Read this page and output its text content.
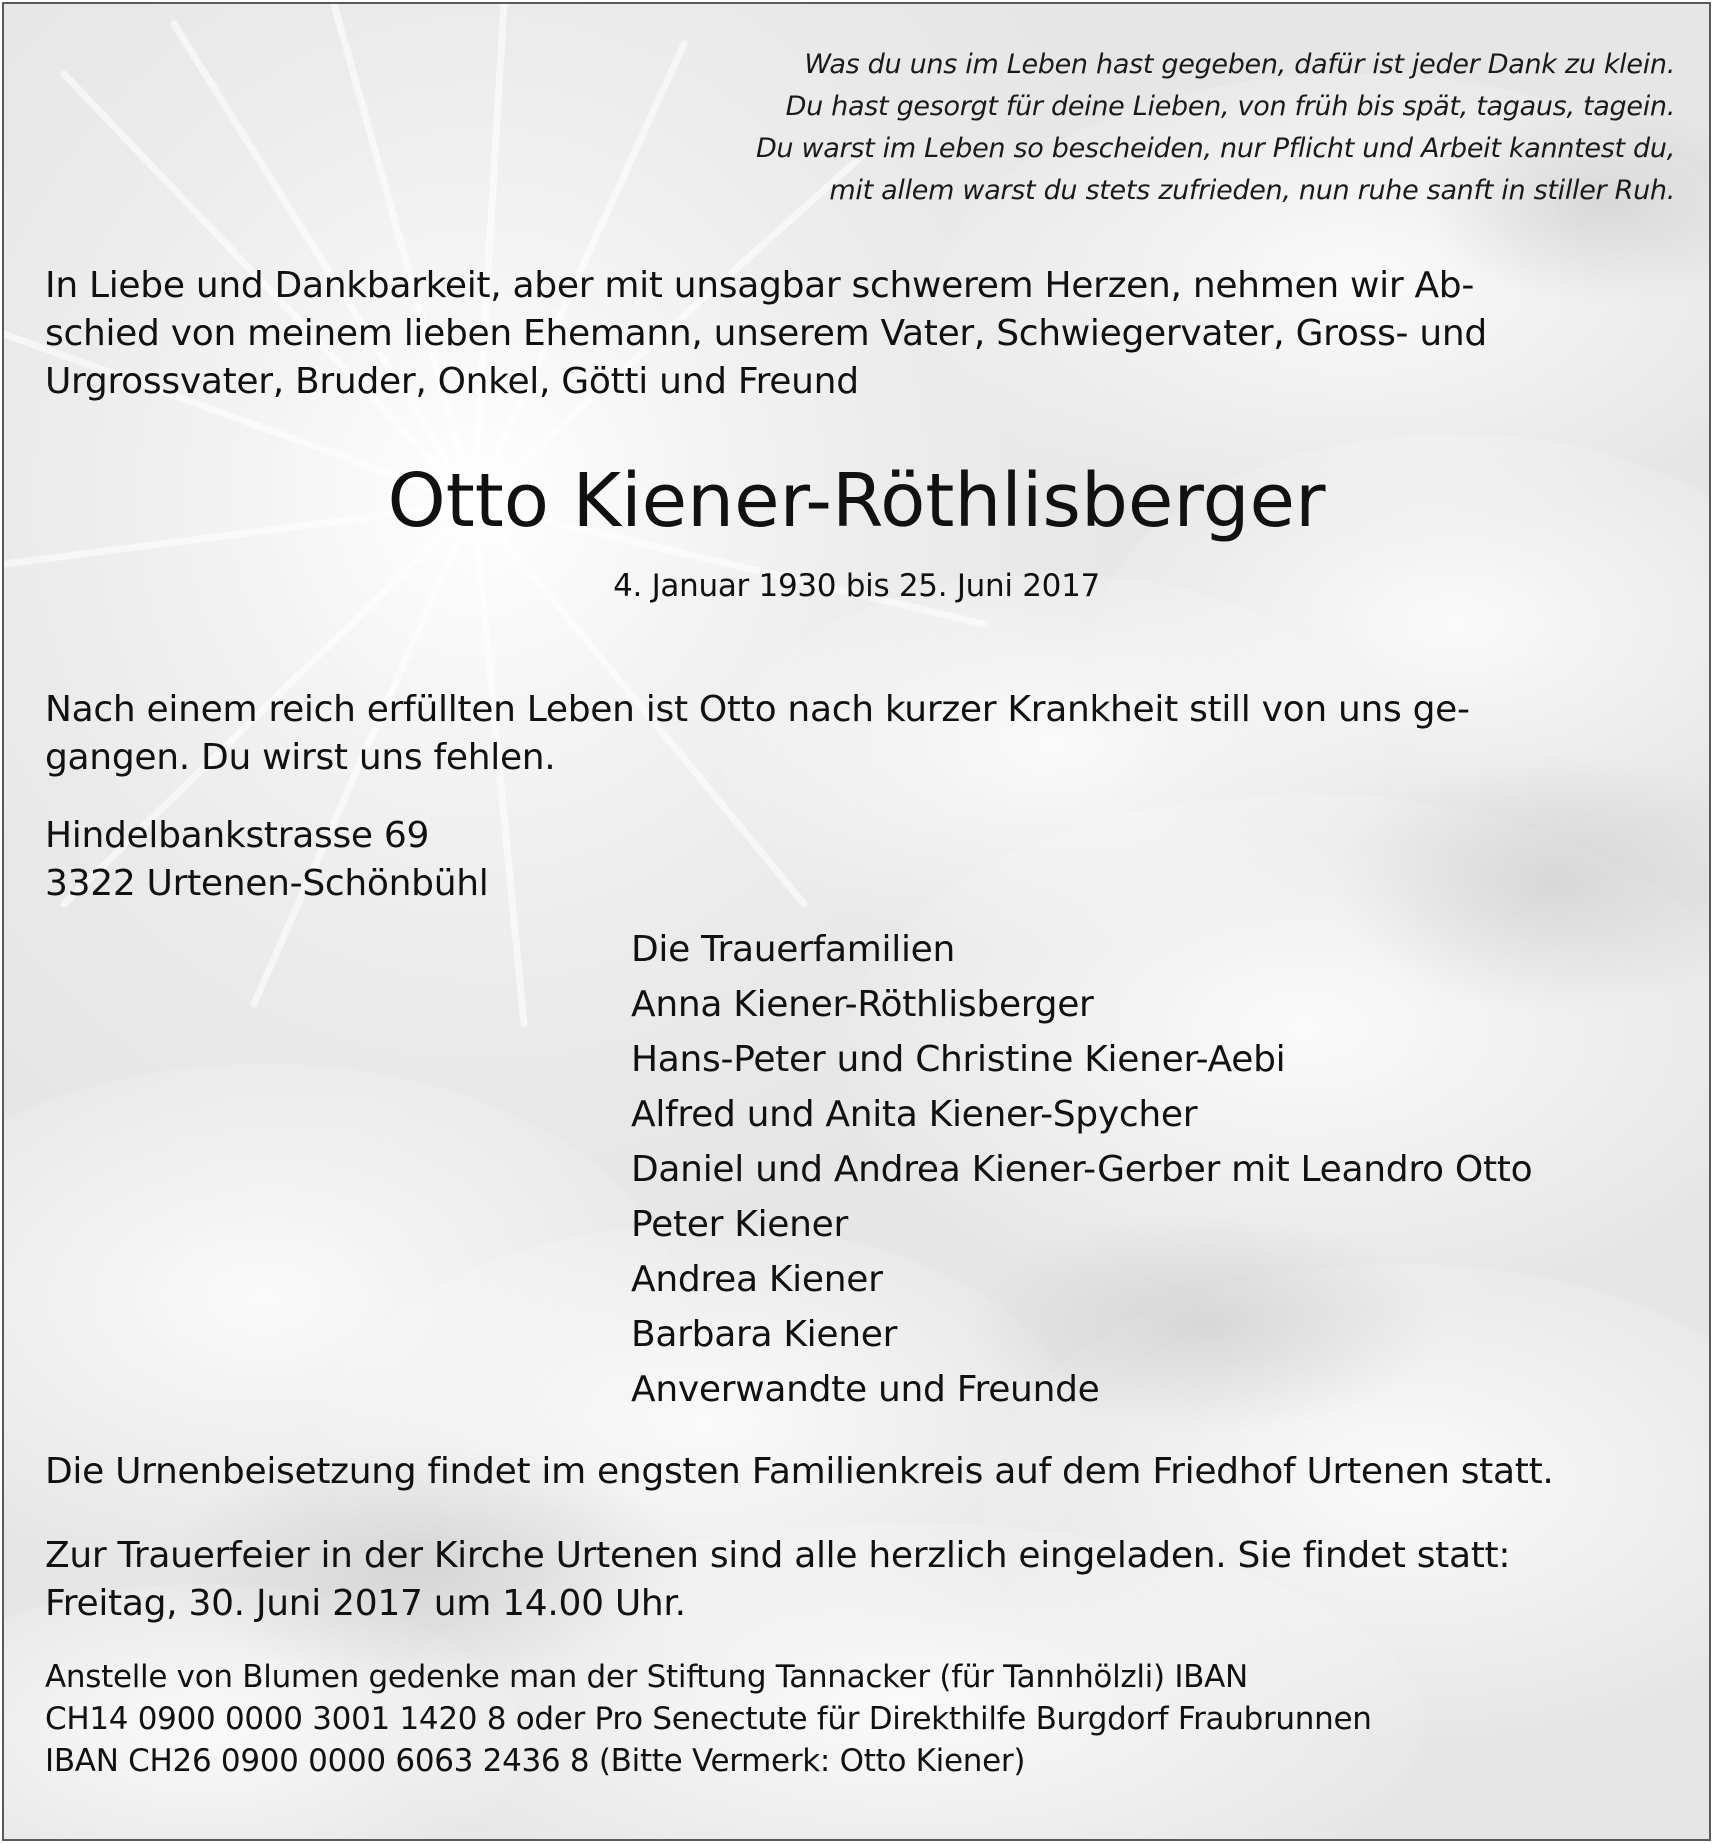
Was du uns im Leben hast gegeben, dafür ist jeder Dank zu klein.
Du hast gesorgt für deine Lieben, von früh bis spät, tagaus, tagein.
Du warst im Leben so bescheiden, nur Pflicht und Arbeit kanntest du,
mit allem warst du stets zufrieden, nun ruhe sanft in stiller Ruh.
In Liebe und Dankbarkeit, aber mit unsagbar schwerem Herzen, nehmen wir Ab-
schied von meinem lieben Ehemann, unserem Vater, Schwiegervater, Gross- und
Urgrossvater, Bruder, Onkel, Götti und Freund
Otto Kiener-Röthlisberger
4. Januar 1930 bis 25. Juni 2017
Nach einem reich erfüllten Leben ist Otto nach kurzer Krankheit still von uns ge-
gangen. Du wirst uns fehlen.
Hindelbankstrasse 69
3322 Urtenen-Schönbühl
Die Trauerfamilien
Anna Kiener-Röthlisberger
Hans-Peter und Christine Kiener-Aebi
Alfred und Anita Kiener-Spycher
Daniel und Andrea Kiener-Gerber mit Leandro Otto
Peter Kiener
Andrea Kiener
Barbara Kiener
Anverwandte und Freunde
Die Urnenbeisetzung findet im engsten Familienkreis auf dem Friedhof Urtenen statt.
Zur Trauerfeier in der Kirche Urtenen sind alle herzlich eingeladen. Sie findet statt:
Freitag, 30. Juni 2017 um 14.00 Uhr.
Anstelle von Blumen gedenke man der Stiftung Tannacker (für Tannhölzli) IBAN
CH14 0900 0000 3001 1420 8 oder Pro Senectute für Direkthilfe Burgdorf Fraubrunnen
IBAN CH26 0900 0000 6063 2436 8 (Bitte Vermerk: Otto Kiener)
